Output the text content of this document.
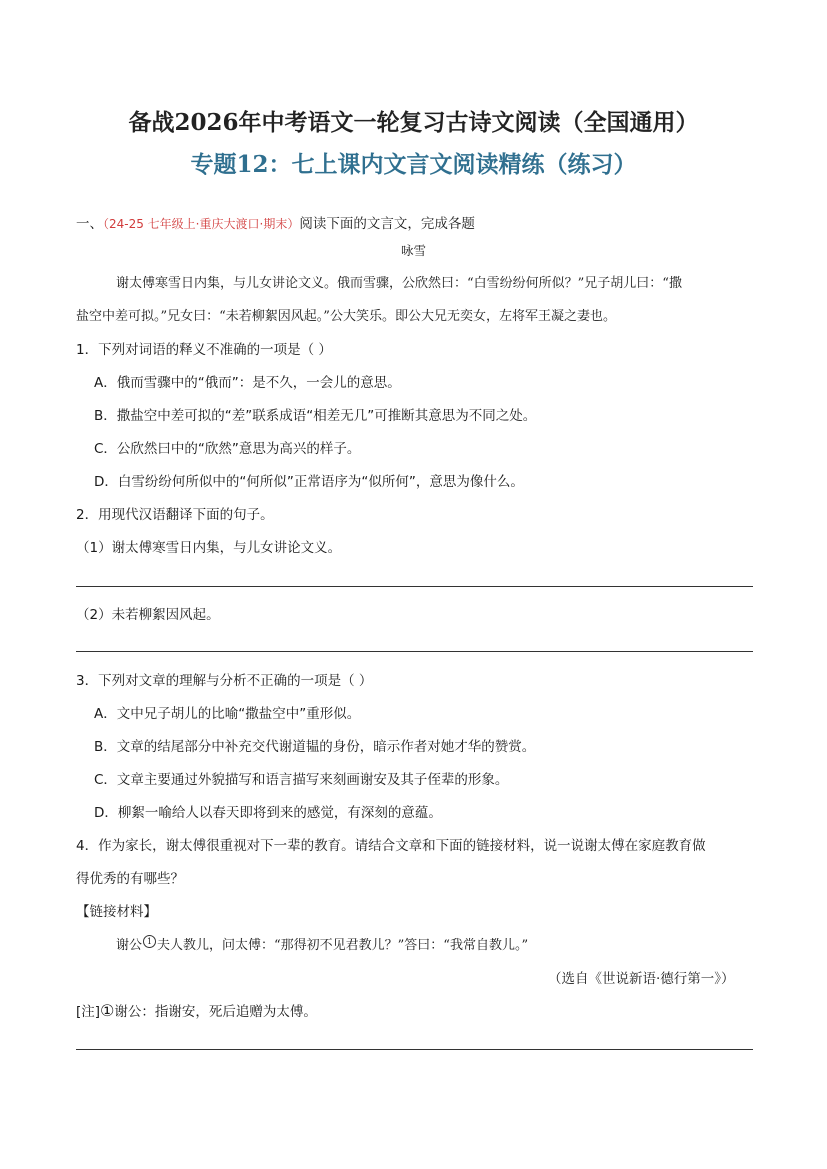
备战2026年中考语文一轮复习古诗文阅读（全国通用）
专题12：七上课内文言文阅读精练（练习）
一、（24-25 七年级上·重庆大渡口·期末）阅读下面的文言文，完成各题
咏雪
谢太傅寒雪日内集，与儿女讲论文义。俄而雪骤，公欣然曰：“白雪纷纷何所似？”兄子胡儿曰：“撒
盐空中差可拟。”兄女曰：“未若柳絮因风起。”公大笑乐。即公大兄无奕女，左将军王凝之妻也。
1．下列对词语的释义不准确的一项是（ ）
A．俄而雪骤中的“俄而”：是不久，一会儿的意思。
B．撒盐空中差可拟的“差”联系成语“相差无几”可推断其意思为不同之处。
C．公欣然曰中的“欣然”意思为高兴的样子。
D．白雪纷纷何所似中的“何所似”正常语序为“似所何”，意思为像什么。
2．用现代汉语翻译下面的句子。
（1）谢太傅寒雪日内集，与儿女讲论文义。
（2）未若柳絮因风起。
3．下列对文章的理解与分析不正确的一项是（ ）
A．文中兄子胡儿的比喻“撒盐空中”重形似。
B．文章的结尾部分中补充交代谢道韫的身份，暗示作者对她才华的赞赏。
C．文章主要通过外貌描写和语言描写来刻画谢安及其子侄辈的形象。
D．柳絮一喻给人以春天即将到来的感觉，有深刻的意蕴。
4．作为家长，谢太傅很重视对下一辈的教育。请结合文章和下面的链接材料，说一说谢太傅在家庭教育做
得优秀的有哪些？
【链接材料】
谢公 1 夫人教儿，问太傅：“那得初不见君教儿？”答曰：“我常自教儿。”
（选自《世说新语·德行第一》）
[注]①谢公：指谢安，死后追赠为太傅。
